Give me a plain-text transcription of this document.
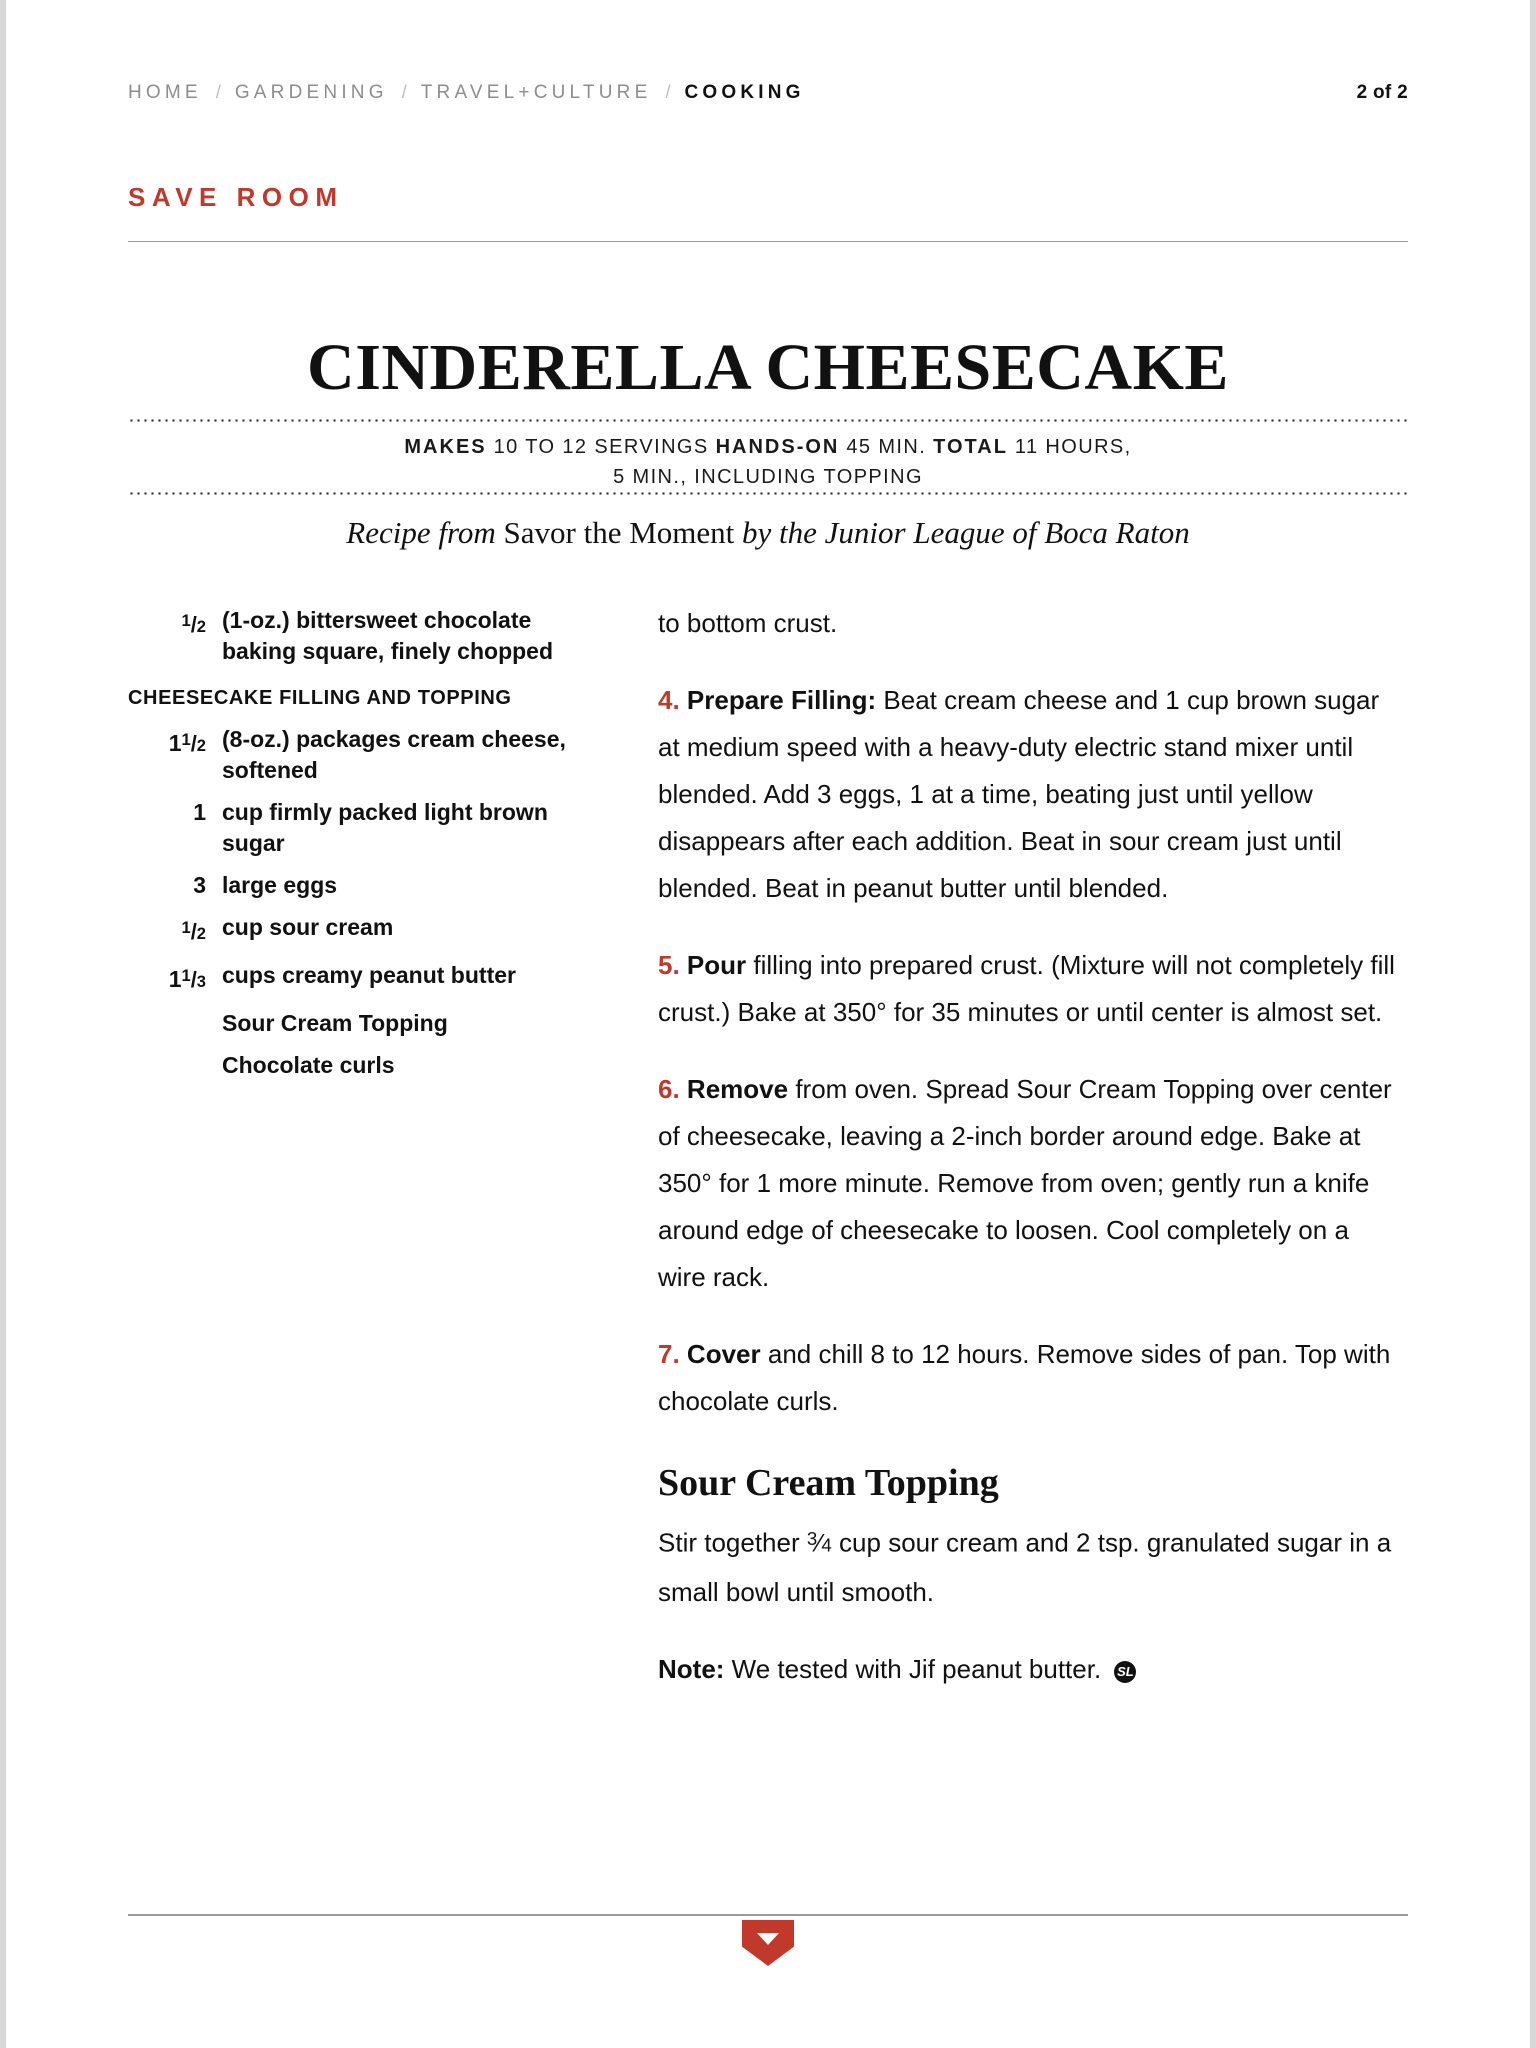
HOME / GARDENING / TRAVEL+CULTURE / COOKING	2 of 2
SAVE ROOM
CINDERELLA CHEESECAKE
MAKES 10 TO 12 SERVINGS HANDS-ON 45 MIN. TOTAL 11 HOURS,
5 MIN., INCLUDING TOPPING
Recipe from Savor the Moment by the Junior League of Boca Raton
$^1$/2 (1-oz.) bittersweet chocolate baking square, finely chopped
CHEESECAKE FILLING AND TOPPING
$1^1/2$ (8-oz.) packages cream cheese, softened
1 cup firmly packed light brown sugar
3 large eggs
$^1$/2 cup sour cream
$1^1/3$ cups creamy peanut butter
Sour Cream Topping
Chocolate curls

to bottom crust.

4. Prepare Filling: Beat cream cheese and 1 cup brown sugar at medium speed with a heavy-duty electric stand mixer until blended. Add 3 eggs, 1 at a time, beating just until yellow disappears after each addition. Beat in sour cream just until blended. Beat in peanut butter until blended.

5. Pour filling into prepared crust. (Mixture will not completely fill crust.) Bake at 350° for 35 minutes or until center is almost set.

6. Remove from oven. Spread Sour Cream Topping over center of cheesecake, leaving a 2-inch border around edge. Bake at 350° for 1 more minute. Remove from oven; gently run a knife around edge of cheesecake to loosen. Cool completely on a wire rack.

7. Cover and chill 8 to 12 hours. Remove sides of pan. Top with chocolate curls.

Sour Cream Topping

Stir together $^3$⁄4 cup sour cream and 2 tsp. granulated sugar in a small bowl until smooth.

Note: We tested with Jif peanut butter. SL
